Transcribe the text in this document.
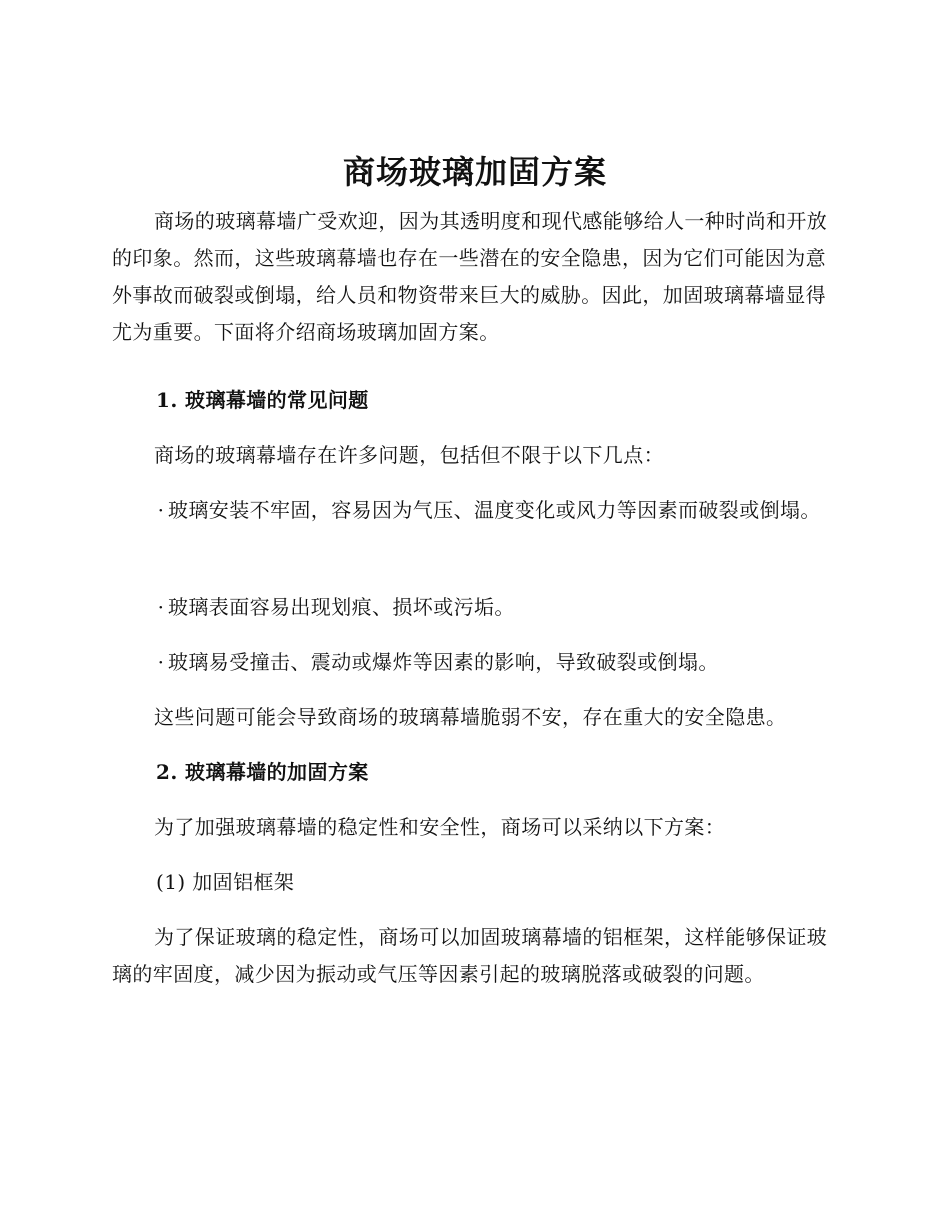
商场玻璃加固方案

商场的玻璃幕墙广受欢迎，因为其透明度和现代感能够给人一种时尚和开放的印象。然而，这些玻璃幕墙也存在一些潜在的安全隐患，因为它们可能因为意外事故而破裂或倒塌，给人员和物资带来巨大的威胁。因此，加固玻璃幕墙显得尤为重要。下面将介绍商场玻璃加固方案。

1. 玻璃幕墙的常见问题

商场的玻璃幕墙存在许多问题，包括但不限于以下几点：

· 玻璃安装不牢固，容易因为气压、温度变化或风力等因素而破裂或倒塌。

· 玻璃表面容易出现划痕、损坏或污垢。

· 玻璃易受撞击、震动或爆炸等因素的影响，导致破裂或倒塌。

这些问题可能会导致商场的玻璃幕墙脆弱不安，存在重大的安全隐患。

2. 玻璃幕墙的加固方案

为了加强玻璃幕墙的稳定性和安全性，商场可以采纳以下方案：

(1) 加固铝框架

为了保证玻璃的稳定性，商场可以加固玻璃幕墙的铝框架，这样能够保证玻璃的牢固度，减少因为振动或气压等因素引起的玻璃脱落或破裂的问题。
